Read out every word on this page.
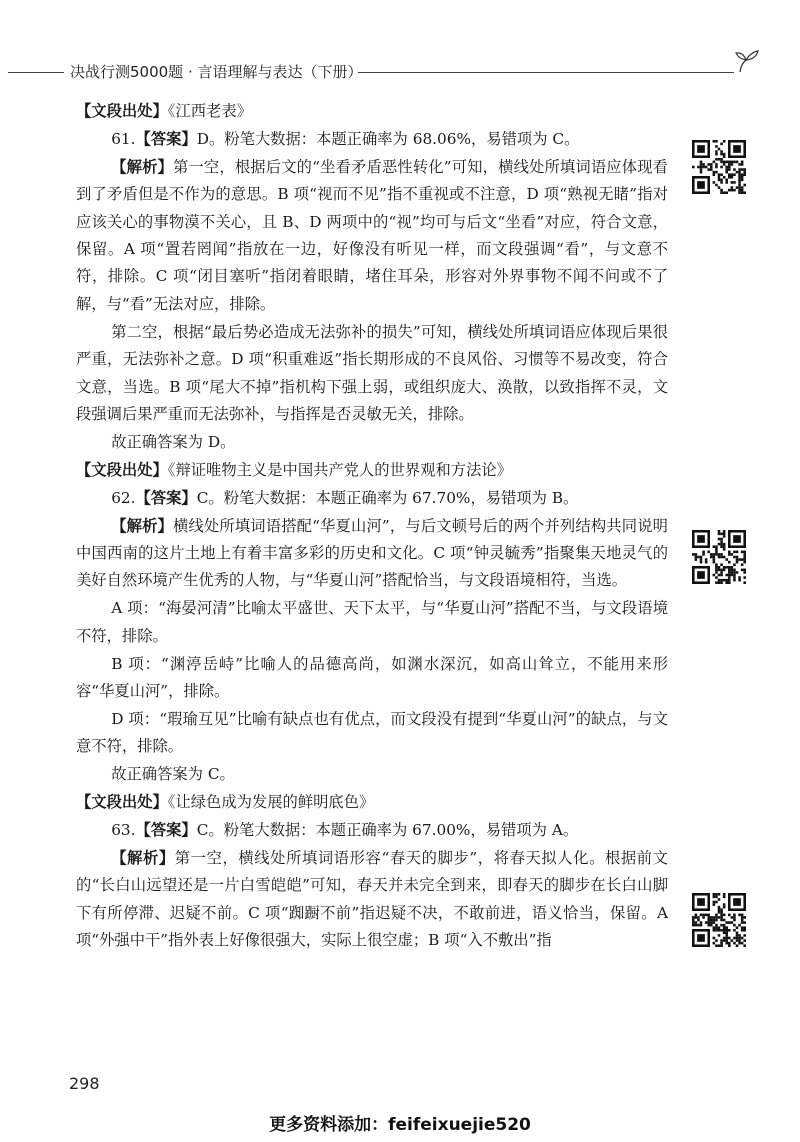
决战行测5000题 · 言语理解与表达（下册）

【文段出处】《江西老表》

61.【答案】D。粉笔大数据：本题正确率为 68.06%，易错项为 C。

【解析】第一空，根据后文的“坐看矛盾恶性转化”可知，横线处所填词语应体现看到了矛盾但是不作为的意思。B 项“视而不见”指不重视或不注意，D 项“熟视无睹”指对应该关心的事物漠不关心，且 B、D 两项中的“视”均可与后文“坐看”对应，符合文意，保留。A 项“置若罔闻”指放在一边，好像没有听见一样，而文段强调“看”，与文意不符，排除。C 项“闭目塞听”指闭着眼睛，堵住耳朵，形容对外界事物不闻不问或不了解，与“看”无法对应，排除。

第二空，根据“最后势必造成无法弥补的损失”可知，横线处所填词语应体现后果很严重，无法弥补之意。D 项“积重难返”指长期形成的不良风俗、习惯等不易改变，符合文意，当选。B 项“尾大不掉”指机构下强上弱，或组织庞大、涣散，以致指挥不灵，文段强调后果严重而无法弥补，与指挥是否灵敏无关，排除。

故正确答案为 D。

【文段出处】《辩证唯物主义是中国共产党人的世界观和方法论》

62.【答案】C。粉笔大数据：本题正确率为 67.70%，易错项为 B。

【解析】横线处所填词语搭配“华夏山河”，与后文顿号后的两个并列结构共同说明中国西南的这片土地上有着丰富多彩的历史和文化。C 项“钟灵毓秀”指聚集天地灵气的美好自然环境产生优秀的人物，与“华夏山河”搭配恰当，与文段语境相符，当选。

A 项：“海晏河清”比喻太平盛世、天下太平，与“华夏山河”搭配不当，与文段语境不符，排除。

B 项：“渊渟岳峙”比喻人的品德高尚，如渊水深沉，如高山耸立，不能用来形容“华夏山河”，排除。

D 项：“瑕瑜互见”比喻有缺点也有优点，而文段没有提到“华夏山河”的缺点，与文意不符，排除。

故正确答案为 C。

【文段出处】《让绿色成为发展的鲜明底色》

63.【答案】C。粉笔大数据：本题正确率为 67.00%，易错项为 A。

【解析】第一空，横线处所填词语形容“春天的脚步”，将春天拟人化。根据前文的“长白山远望还是一片白雪皑皑”可知，春天并未完全到来，即春天的脚步在长白山脚下有所停滞、迟疑不前。C 项“踟蹰不前”指迟疑不决，不敢前进，语义恰当，保留。A 项“外强中干”指外表上好像很强大，实际上很空虚；B 项“入不敷出”指

298
更多资料添加：feifeixuejie520
